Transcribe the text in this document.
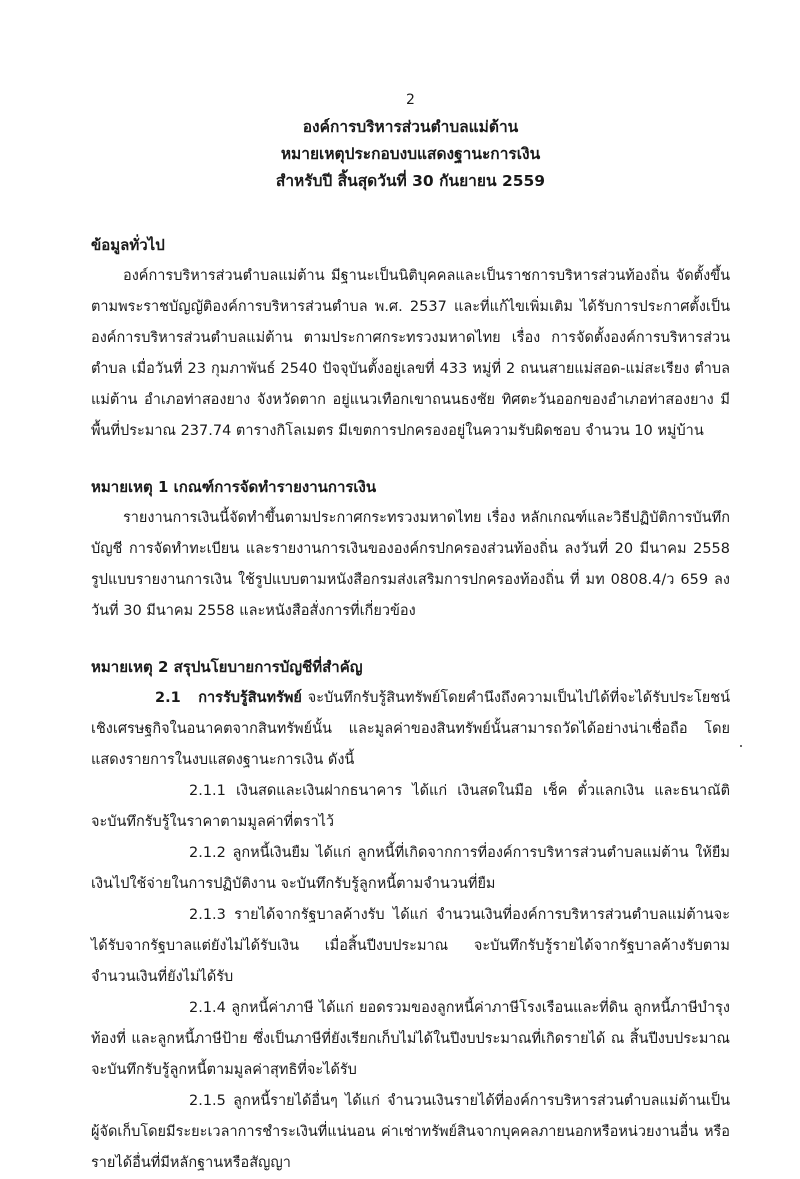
2
องค์การบริหารส่วนตำบลแม่ต้าน
หมายเหตุประกอบงบแสดงฐานะการเงิน
สำหรับปี สิ้นสุดวันที่ 30 กันยายน 2559
ข้อมูลทั่วไป

องค์การบริหารส่วนตำบลแม่ต้าน มีฐานะเป็นนิติบุคคลและเป็นราชการบริหารส่วนท้องถิ่น จัดตั้งขึ้นตามพระราชบัญญัติองค์การบริหารส่วนตำบล พ.ศ. 2537 และที่แก้ไขเพิ่มเติม ได้รับการประกาศตั้งเป็นองค์การบริหารส่วนตำบลแม่ต้าน ตามประกาศกระทรวงมหาดไทย เรื่อง การจัดตั้งองค์การบริหารส่วนตำบล เมื่อวันที่ 23 กุมภาพันธ์ 2540 ปัจจุบันตั้งอยู่เลขที่ 433 หมู่ที่ 2 ถนนสายแม่สอด-แม่สะเรียง ตำบลแม่ต้าน อำเภอท่าสองยาง จังหวัดตาก อยู่แนวเทือกเขาถนนธงชัย ทิศตะวันออกของอำเภอท่าสองยาง มีพื้นที่ประมาณ 237.74 ตารางกิโลเมตร มีเขตการปกครองอยู่ในความรับผิดชอบ จำนวน 10 หมู่บ้าน

หมายเหตุ 1 เกณฑ์การจัดทำรายงานการเงิน

รายงานการเงินนี้จัดทำขึ้นตามประกาศกระทรวงมหาดไทย เรื่อง หลักเกณฑ์และวิธีปฏิบัติการบันทึกบัญชี การจัดทำทะเบียน และรายงานการเงินขององค์กรปกครองส่วนท้องถิ่น ลงวันที่ 20 มีนาคม 2558 รูปแบบรายงานการเงิน ใช้รูปแบบตามหนังสือกรมส่งเสริมการปกครองท้องถิ่น ที่ มท 0808.4/ว 659 ลงวันที่ 30 มีนาคม 2558 และหนังสือสั่งการที่เกี่ยวข้อง

หมายเหตุ 2 สรุปนโยบายการบัญชีที่สำคัญ

2.1 การรับรู้สินทรัพย์ จะบันทึกรับรู้สินทรัพย์โดยคำนึงถึงความเป็นไปได้ที่จะได้รับประโยชน์เชิงเศรษฐกิจในอนาคตจากสินทรัพย์นั้น และมูลค่าของสินทรัพย์นั้นสามารถวัดได้อย่างน่าเชื่อถือ โดยแสดงรายการในงบแสดงฐานะการเงิน ดังนี้

2.1.1 เงินสดและเงินฝากธนาคาร ได้แก่ เงินสดในมือ เช็ค ตั๋วแลกเงิน และธนาณัติ จะบันทึกรับรู้ในราคาตามมูลค่าที่ตราไว้

2.1.2 ลูกหนี้เงินยืม ได้แก่ ลูกหนี้ที่เกิดจากการที่องค์การบริหารส่วนตำบลแม่ต้าน ให้ยืมเงินไปใช้จ่ายในการปฏิบัติงาน จะบันทึกรับรู้ลูกหนี้ตามจำนวนที่ยืม

2.1.3 รายได้จากรัฐบาลค้างรับ ได้แก่ จำนวนเงินที่องค์การบริหารส่วนตำบลแม่ต้านจะได้รับจากรัฐบาลแต่ยังไม่ได้รับเงิน เมื่อสิ้นปีงบประมาณ จะบันทึกรับรู้รายได้จากรัฐบาลค้างรับตามจำนวนเงินที่ยังไม่ได้รับ

2.1.4 ลูกหนี้ค่าภาษี ได้แก่ ยอดรวมของลูกหนี้ค่าภาษีโรงเรือนและที่ดิน ลูกหนี้ภาษีบำรุงท้องที่ และลูกหนี้ภาษีป้าย ซึ่งเป็นภาษีที่ยังเรียกเก็บไม่ได้ในปีงบประมาณที่เกิดรายได้ ณ สิ้นปีงบประมาณ จะบันทึกรับรู้ลูกหนี้ตามมูลค่าสุทธิที่จะได้รับ

2.1.5 ลูกหนี้รายได้อื่นๆ ได้แก่ จำนวนเงินรายได้ที่องค์การบริหารส่วนตำบลแม่ต้านเป็นผู้จัดเก็บโดยมีระยะเวลาการชำระเงินที่แน่นอน ค่าเช่าทรัพย์สินจากบุคคลภายนอกหรือหน่วยงานอื่น หรือรายได้อื่นที่มีหลักฐานหรือสัญญา
